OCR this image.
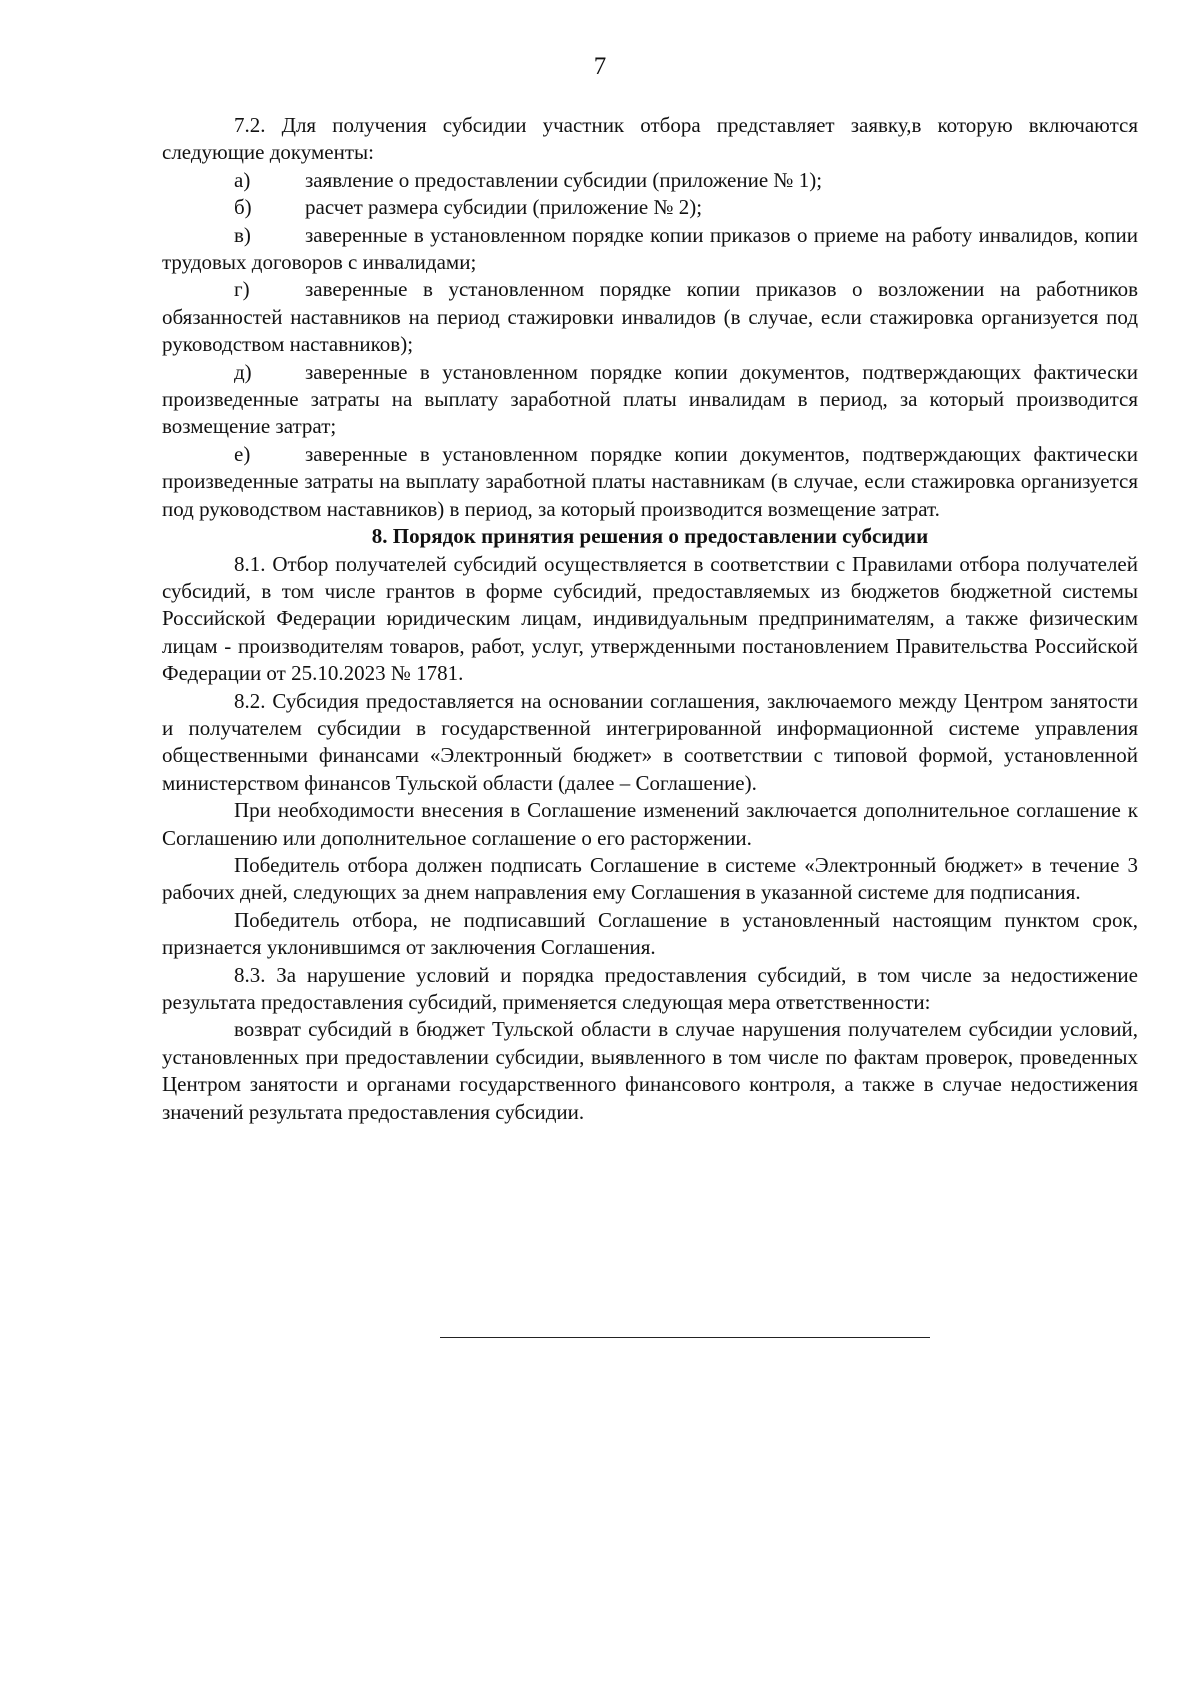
7

7.2. Для получения субсидии участник отбора представляет заявку,в которую включаются следующие документы:

а)	заявление о предоставлении субсидии (приложение № 1);

б)	расчет размера субсидии (приложение № 2);

в)	заверенные в установленном порядке копии приказов о приеме на работу инвалидов, копии трудовых договоров с инвалидами;

г)	заверенные в установленном порядке копии приказов о возложении на работников обязанностей наставников на период стажировки инвалидов (в случае, если стажировка организуется под руководством наставников);

д)	заверенные в установленном порядке копии документов, подтверждающих фактически произведенные затраты на выплату заработной платы инвалидам в период, за который производится возмещение затрат;

е)	заверенные в установленном порядке копии документов, подтверждающих фактически произведенные затраты на выплату заработной платы наставникам (в случае, если стажировка организуется под руководством наставников) в период, за который производится возмещение затрат.

8. Порядок принятия решения о предоставлении субсидии

8.1. Отбор получателей субсидий осуществляется в соответствии с Правилами отбора получателей субсидий, в том числе грантов в форме субсидий, предоставляемых из бюджетов бюджетной системы Российской Федерации юридическим лицам, индивидуальным предпринимателям, а также физическим лицам - производителям товаров, работ, услуг, утвержденными постановлением Правительства Российской Федерации от 25.10.2023 № 1781.

8.2. Субсидия предоставляется на основании соглашения, заключаемого между Центром занятости и получателем субсидии в государственной интегрированной информационной системе управления общественными финансами «Электронный бюджет» в соответствии с типовой формой, установленной министерством финансов Тульской области (далее – Соглашение).

При необходимости внесения в Соглашение изменений заключается дополнительное соглашение к Соглашению или дополнительное соглашение о его расторжении.

Победитель отбора должен подписать Соглашение в системе «Электронный бюджет» в течение 3 рабочих дней, следующих за днем направления ему Соглашения в указанной системе для подписания.

Победитель отбора, не подписавший Соглашение в установленный настоящим пунктом срок, признается уклонившимся от заключения Соглашения.

8.3. За нарушение условий и порядка предоставления субсидий, в том числе за недостижение результата предоставления субсидий, применяется следующая мера ответственности:

возврат субсидий в бюджет Тульской области в случае нарушения получателем субсидии условий, установленных при предоставлении субсидии, выявленного в том числе по фактам проверок, проведенных Центром занятости и органами государственного финансового контроля, а также в случае недостижения значений результата предоставления субсидии.
